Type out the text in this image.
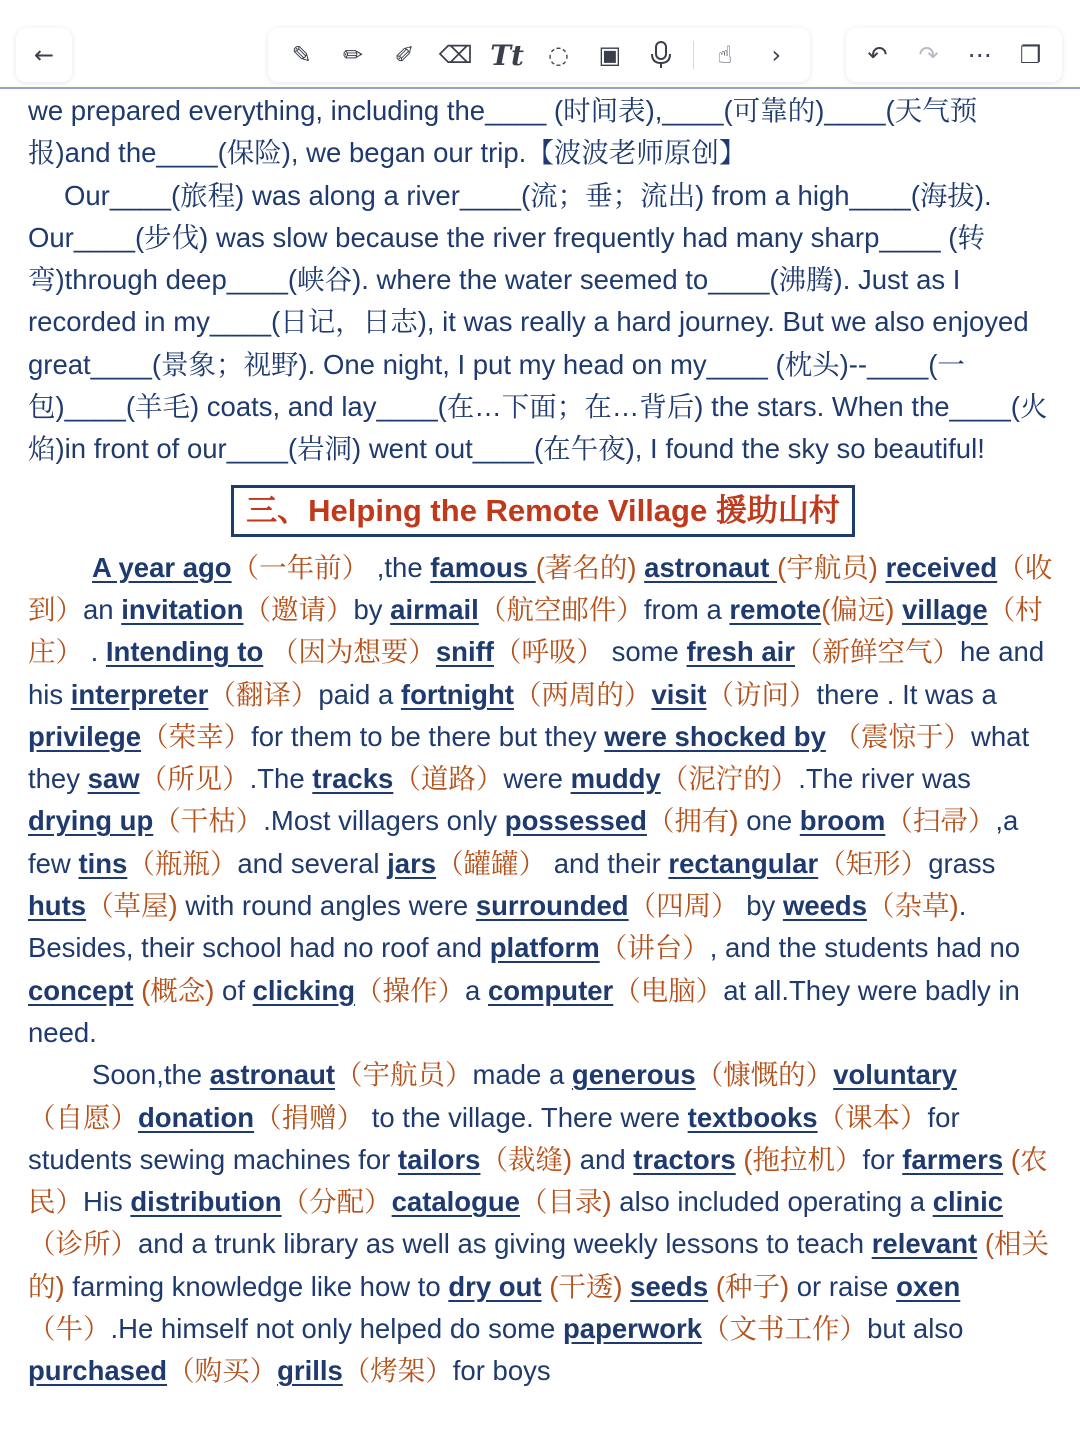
←	✎	✏	✐	⌫ Tt ◌	▣	☝	›	↶	↷	⋯	❐

we prepared everything, including the____ (时间表),____(可靠的)____(天气预报)and the____(保险), we began our trip.【波波老师原创】

Our____(旅程) was along a river____(流；垂；流出) from a high____(海拔). Our____(步伐) was slow because the river frequently had many sharp____ (转弯)through deep____(峡谷). where the water seemed to____(沸腾). Just as I recorded in my____(日记，日志), it was really a hard journey. But we also enjoyed great____(景象；视野). One night, I put my head on my____ (枕头)--____(一包)____(羊毛) coats, and lay____(在…下面；在…背后) the stars. When the____(火焰)in front of our____(岩洞) went out____(在午夜), I found the sky so beautiful!

三、Helping the Remote Village 援助山村

A year ago（一年前） ,the famous (著名的) astronaut (宇航员) received（收到）an invitation（邀请）by airmail（航空邮件）from a remote(偏远) village（村庄） . Intending to （因为想要）sniff（呼吸） some fresh air（新鲜空气）he and his interpreter（翻译）paid a fortnight（两周的）visit（访问）there . It was a privilege（荣幸）for them to be there but they were shocked by （震惊于）what they saw（所见）.The tracks（道路）were muddy（泥泞的）.The river was drying up（干枯）.Most villagers only possessed（拥有) one broom（扫帚）,a few tins（瓶瓶）and several jars（罐罐） and their rectangular（矩形）grass huts（草屋) with round angles were surrounded（四周） by weeds（杂草). Besides, their school had no roof and platform（讲台）, and the students had no concept (概念) of clicking（操作）a computer（电脑）at all.They were badly in need.

Soon,the astronaut（宇航员）made a generous（慷慨的）voluntary（自愿）donation（捐赠） to the village. There were textbooks（课本）for students sewing machines for tailors（裁缝) and tractors (拖拉机）for farmers (农民）His distribution（分配）catalogue（目录) also included operating a clinic（诊所）and a trunk library as well as giving weekly lessons to teach relevant (相关的) farming knowledge like how to dry out (干透) seeds (种子) or raise oxen（牛）.He himself not only helped do some paperwork（文书工作）but also purchased（购买）grills（烤架）for boys
